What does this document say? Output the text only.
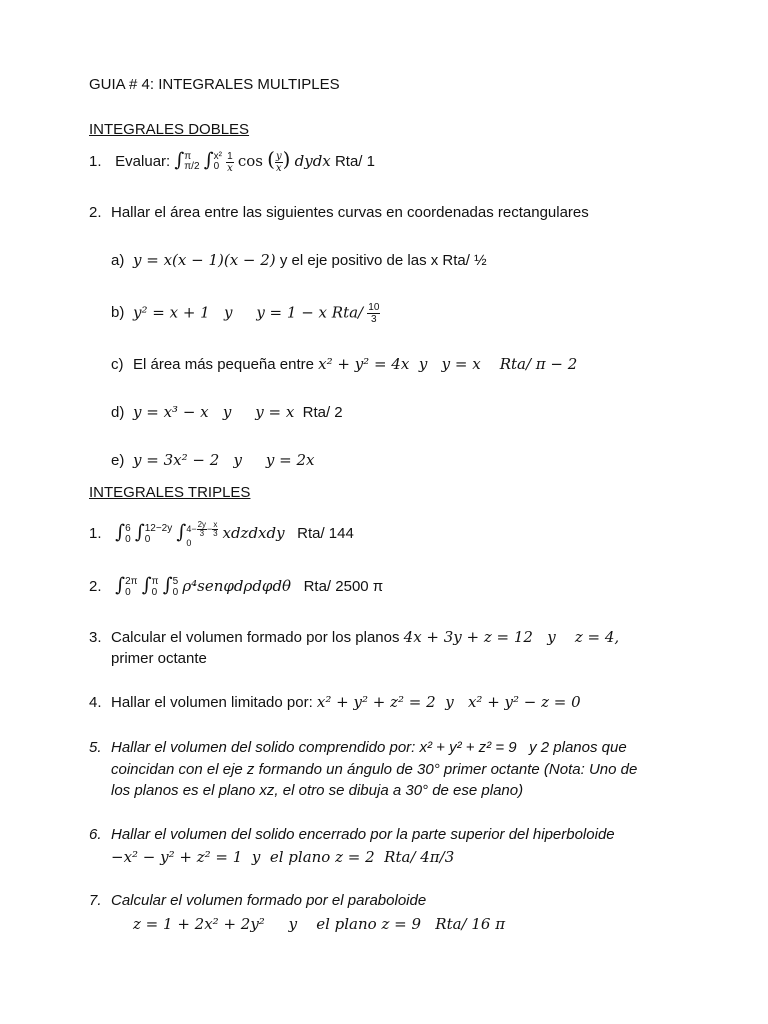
GUIA # 4: INTEGRALES MULTIPLES
INTEGRALES DOBLES
1. Evaluar: ∫ π
π/2 ∫ x²
0
$\frac{1}{x}$ cos ( $\frac{y}{x}$ ) dydx Rta/ 1
2. Hallar el área entre las siguientes curvas en coordenadas rectangulares
a) y = x(x − 1)(x − 2) y el eje positivo de las x Rta/ ½
b) y² = x + 1   y     y = 1 − x $Rta/ \frac{10}{3}$
c) El área más pequeña entre x² + y² = 4x  y   y = x    Rta/ π − 2
d) y = x³ − x   y     y = x  Rta/ 2
e) y = 3x² − 2   y     y = 2x
INTEGRALES TRIPLES
1. ∫ 6
0 ∫ 12−2y
0	∫ $4- \frac{2y}{3} - \frac{x}{3}$
0
xdzdxdy Rta/ 144
2. ∫ 2π
0 ∫ π
0 ∫ 5
0 ρ⁴senφdρdφdθ Rta/ 2500 π
3. Calcular el volumen formado por los planos 4x + 3y + z = 12   y    z = 4,
primer octante
4. Hallar el volumen limitado por: x² + y² + z² = 2  y   x² + y² − z = 0
5. Hallar el volumen del solido comprendido por: x² + y² + z² = 9   y 2 planos que
coincidan con el eje z formando un ángulo de 30° primer octante (Nota: Uno de
los planos es el plano xz, el otro se dibuja a 30° de ese plano)
6. Hallar el volumen del solido encerrado por la parte superior del hiperboloide
−x² − y² + z² = 1  y  el plano z = 2  Rta/ 4π/3
7. Calcular el volumen formado por el paraboloide
z = 1 + 2x² + 2y²     y    el plano z = 9   Rta/ 16 π
